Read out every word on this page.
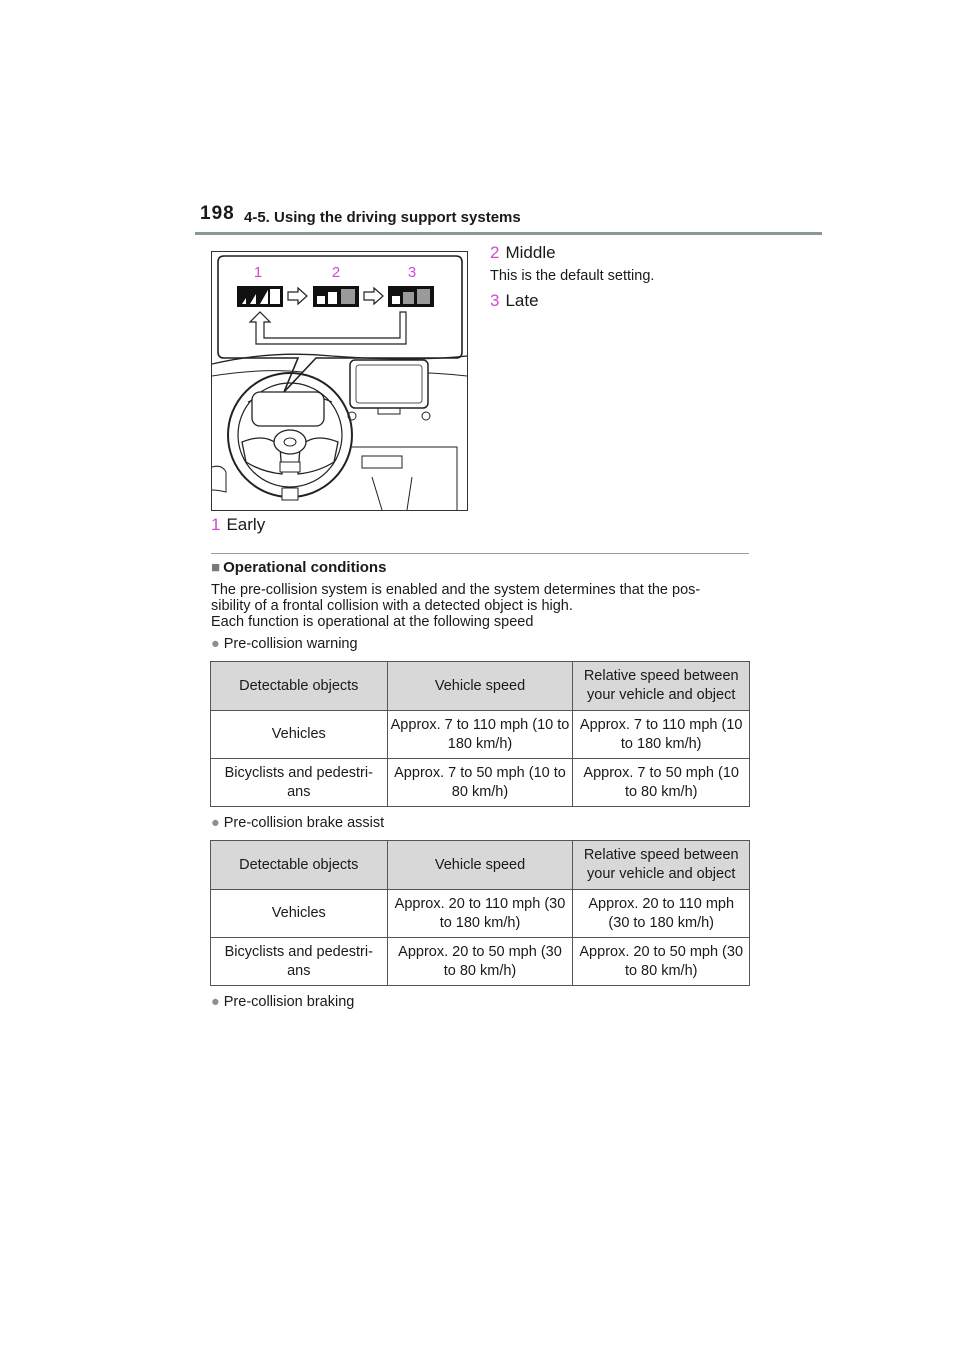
198 4-5. Using the driving support systems
1	2	3
2 Middle
This is the default setting.
3 Late
1 Early
■ Operational conditions
The pre-collision system is enabled and the system determines that the pos-
sibility of a frontal collision with a detected object is high.
Each function is operational at the following speed
● Pre-collision warning
Detectable objects	Vehicle speed	Relative speed between your vehicle and object
Vehicles	Approx. 7 to 110 mph (10 to 180 km/h)	Approx. 7 to 110 mph (10 to 180 km/h)
Bicyclists and pedestri-ans	Approx. 7 to 50 mph (10 to 80 km/h)	Approx. 7 to 50 mph (10 to 80 km/h)
● Pre-collision brake assist
Detectable objects	Vehicle speed	Relative speed between your vehicle and object
Vehicles	Approx. 20 to 110 mph (30 to 180 km/h)	Approx. 20 to 110 mph (30 to 180 km/h)
Bicyclists and pedestri-ans	Approx. 20 to 50 mph (30 to 80 km/h)	Approx. 20 to 50 mph (30 to 80 km/h)
● Pre-collision braking
